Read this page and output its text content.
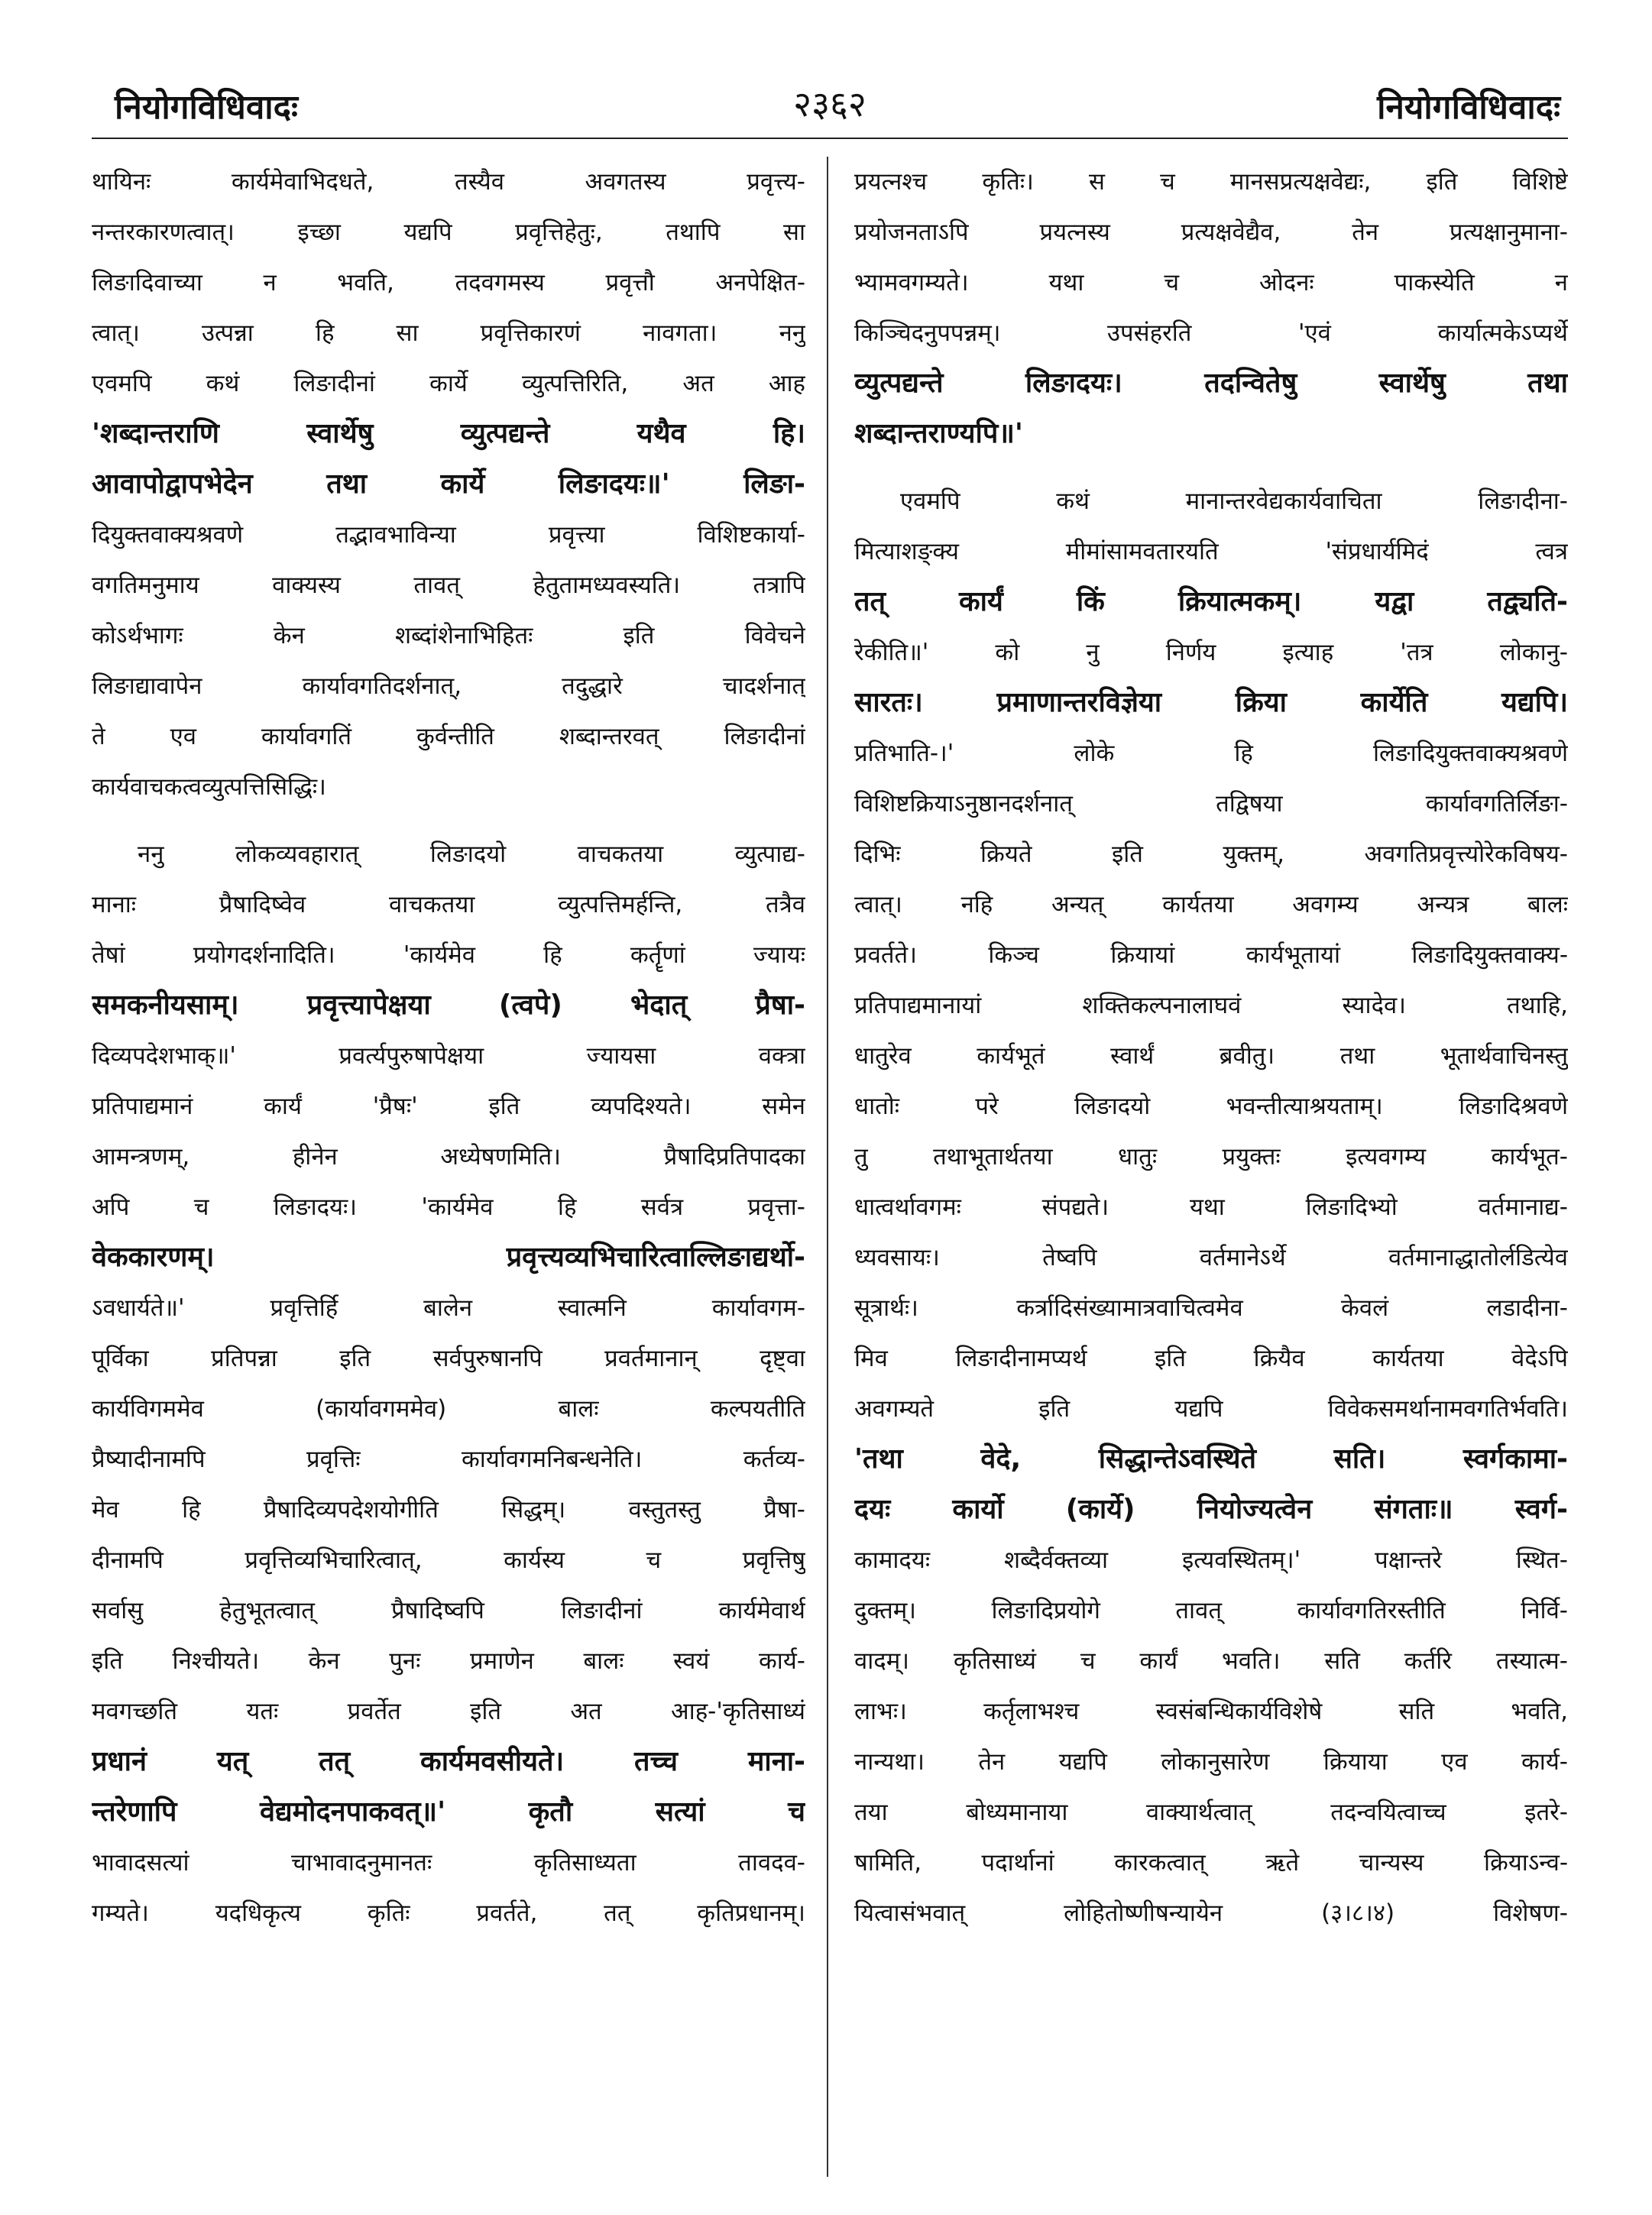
नियोगविधिवादः	२३६२	नियोगविधिवादः
थायिनः कार्यमेवाभिदधते, तस्यैव अवगतस्य प्रवृत्त्य-
नन्तरकारणत्वात्। इच्छा यद्यपि प्रवृत्तिहेतुः, तथापि सा
लिङादिवाच्या न भवति, तदवगमस्य प्रवृत्तौ अनपेक्षित-
त्वात्। उत्पन्ना हि सा प्रवृत्तिकारणं नावगता। ननु
एवमपि कथं लिङादीनां कार्ये व्युत्पत्तिरिति, अत आह
'शब्दान्तराणि स्वार्थेषु व्युत्पद्यन्ते यथैव हि।
आवापोद्वापभेदेन तथा कार्ये लिङादयः॥' लिङा-
दियुक्तवाक्यश्रवणे तद्भावभाविन्या प्रवृत्त्या विशिष्टकार्या-
वगतिमनुमाय वाक्यस्य तावत् हेतुतामध्यवस्यति। तत्रापि
कोऽर्थभागः केन शब्दांशेनाभिहितः इति विवेचने
लिङाद्यावापेन कार्यावगतिदर्शनात्, तदुद्धारे चादर्शनात्
ते एव कार्यावगतिं कुर्वन्तीति शब्दान्तरवत् लिङादीनां
कार्यवाचकत्वव्युत्पत्तिसिद्धिः।
ननु लोकव्यवहारात् लिङादयो वाचकतया व्युत्पाद्य-
मानाः प्रैषादिष्वेव वाचकतया व्युत्पत्तिमर्हन्ति, तत्रैव
तेषां प्रयोगदर्शनादिति। 'कार्यमेव हि कर्तॄणां ज्यायः
समकनीयसाम्। प्रवृत्त्यापेक्षया (त्वपे) भेदात् प्रैषा-
दिव्यपदेशभाक्॥' प्रवर्त्यपुरुषापेक्षया ज्यायसा वक्त्रा
प्रतिपाद्यमानं कार्यं 'प्रैषः' इति व्यपदिश्यते। समेन
आमन्त्रणम्, हीनेन अध्येषणमिति। प्रैषादिप्रतिपादका
अपि च लिङादयः। 'कार्यमेव हि सर्वत्र प्रवृत्ता-
वेककारणम्। प्रवृत्त्यव्यभिचारित्वाल्लिङाद्यर्थो-
ऽवधार्यते॥' प्रवृत्तिर्हि बालेन स्वात्मनि कार्यावगम-
पूर्विका प्रतिपन्ना इति सर्वपुरुषानपि प्रवर्तमानान् दृष्ट्वा
कार्यविगममेव (कार्यावगममेव) बालः कल्पयतीति
प्रैष्यादीनामपि प्रवृत्तिः कार्यावगमनिबन्धनेति। कर्तव्य-
मेव हि प्रैषादिव्यपदेशयोगीति सिद्धम्। वस्तुतस्तु प्रैषा-
दीनामपि प्रवृत्तिव्यभिचारित्वात्, कार्यस्य च प्रवृत्तिषु
सर्वासु हेतुभूतत्वात् प्रैषादिष्वपि लिङादीनां कार्यमेवार्थ
इति निश्चीयते। केन पुनः प्रमाणेन बालः स्वयं कार्य-
मवगच्छति यतः प्रवर्तेत इति अत आह-'कृतिसाध्यं
प्रधानं यत् तत् कार्यमवसीयते। तच्च माना-
न्तरेणापि वेद्यमोदनपाकवत्॥' कृतौ सत्यां च
भावादसत्यां चाभावादनुमानतः कृतिसाध्यता तावदव-
गम्यते। यदधिकृत्य कृतिः प्रवर्तते, तत् कृतिप्रधानम्।
प्रयत्नश्च कृतिः। स च मानसप्रत्यक्षवेद्यः, इति विशिष्टे
प्रयोजनताऽपि प्रयत्नस्य प्रत्यक्षवेद्यैव, तेन प्रत्यक्षानुमाना-
भ्यामवगम्यते। यथा च ओदनः पाकस्येति न
किञ्चिदनुपपन्नम्। उपसंहरति 'एवं कार्यात्मकेऽप्यर्थे
व्युत्पद्यन्ते लिङादयः। तदन्वितेषु स्वार्थेषु तथा
शब्दान्तराण्यपि॥'
एवमपि कथं मानान्तरवेद्यकार्यवाचिता लिङादीना-
मित्याशङ्क्य मीमांसामवतारयति 'संप्रधार्यमिदं त्वत्र
तत् कार्यं किं क्रियात्मकम्। यद्वा तद्व्यति-
रेकीति॥' को नु निर्णय इत्याह 'तत्र लोकानु-
सारतः। प्रमाणान्तरविज्ञेया क्रिया कार्येति यद्यपि।
प्रतिभाति-।' लोके हि लिङादियुक्तवाक्यश्रवणे
विशिष्टक्रियाऽनुष्ठानदर्शनात् तद्विषया कार्यावगतिर्लिङा-
दिभिः क्रियते इति युक्तम्, अवगतिप्रवृत्त्योरेकविषय-
त्वात्। नहि अन्यत् कार्यतया अवगम्य अन्यत्र बालः
प्रवर्तते। किञ्च क्रियायां कार्यभूतायां लिङादियुक्तवाक्य-
प्रतिपाद्यमानायां शक्तिकल्पनालाघवं स्यादेव। तथाहि,
धातुरेव कार्यभूतं स्वार्थं ब्रवीतु। तथा भूतार्थवाचिनस्तु
धातोः परे लिङादयो भवन्तीत्याश्रयताम्। लिङादिश्रवणे
तु तथाभूतार्थतया धातुः प्रयुक्तः इत्यवगम्य कार्यभूत-
धात्वर्थावगमः संपद्यते। यथा लिङादिभ्यो वर्तमानाद्य-
ध्यवसायः। तेष्वपि वर्तमानेऽर्थे वर्तमानाद्धातोर्लडित्येव
सूत्रार्थः। कर्त्रादिसंख्यामात्रवाचित्वमेव केवलं लडादीना-
मिव लिङादीनामप्यर्थ इति क्रियैव कार्यतया वेदेऽपि
अवगम्यते इति यद्यपि विवेकसमर्थानामवगतिर्भवति।
'तथा वेदे, सिद्धान्तेऽवस्थिते सति। स्वर्गकामा-
दयः कार्यो (कार्ये) नियोज्यत्वेन संगताः॥ स्वर्ग-
कामादयः शब्दैर्वक्तव्या इत्यवस्थितम्।' पक्षान्तरे स्थित-
दुक्तम्। लिङादिप्रयोगे तावत् कार्यावगतिरस्तीति निर्वि-
वादम्। कृतिसाध्यं च कार्यं भवति। सति कर्तरि तस्यात्म-
लाभः। कर्तृलाभश्च स्वसंबन्धिकार्यविशेषे सति भवति,
नान्यथा। तेन यद्यपि लोकानुसारेण क्रियाया एव कार्य-
तया बोध्यमानाया वाक्यार्थत्वात् तदन्वयित्वाच्च इतरे-
षामिति, पदार्थानां कारकत्वात् ऋते चान्यस्य क्रियाऽन्व-
यित्वासंभवात् लोहितोष्णीषन्यायेन (३।८।४) विशेषण-
